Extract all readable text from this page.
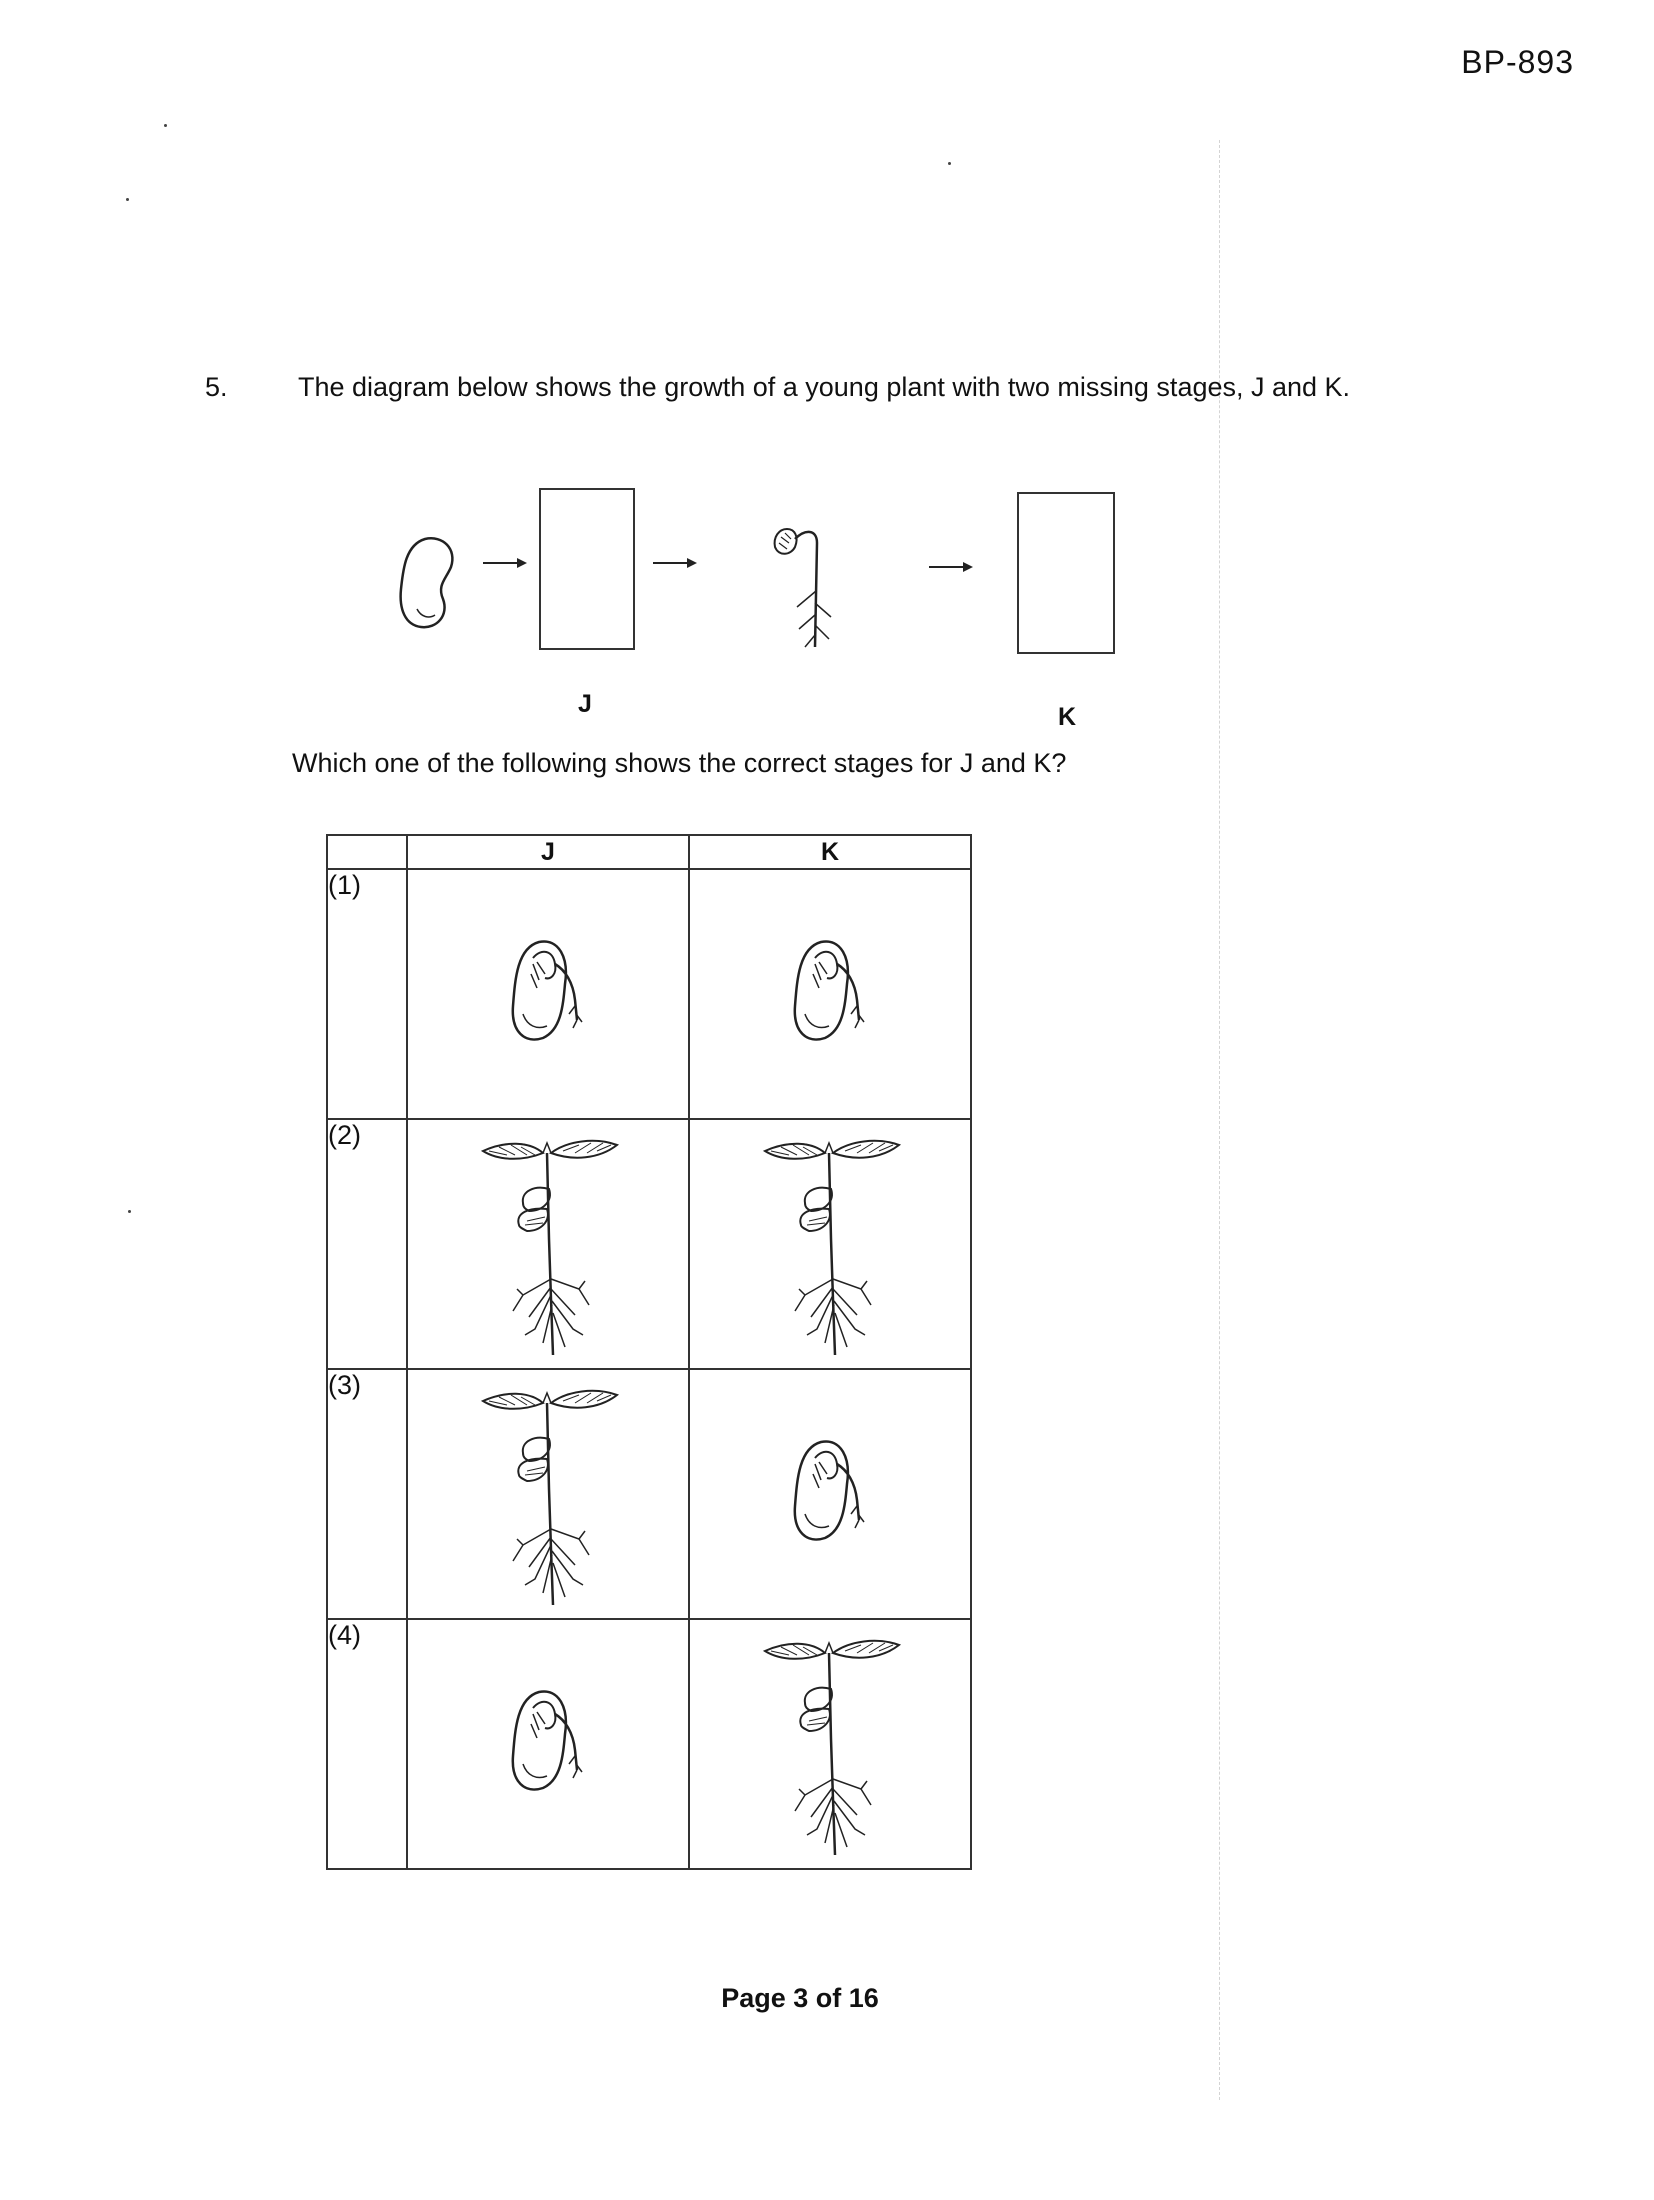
BP-893
5.	The diagram below shows the growth of a young plant with two missing stages, J and K.
J	K
Which one of the following shows the correct stages for J and K?
	J	K
(1)	

(2)	

(3)	

(4)	

Page 3 of 16
